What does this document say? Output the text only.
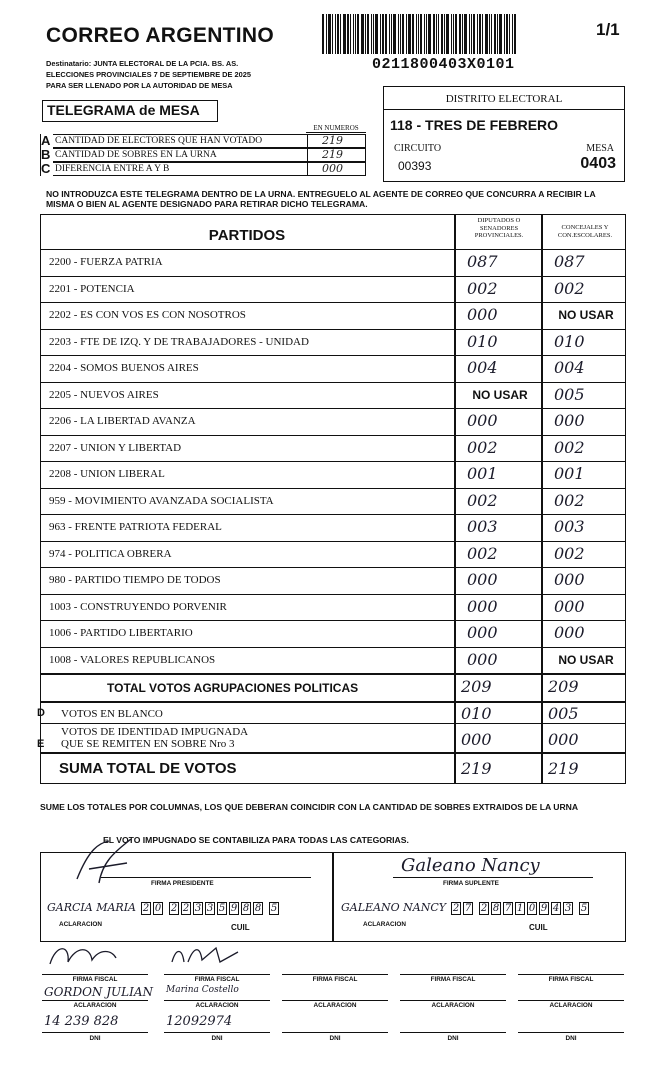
CORREO ARGENTINO	1/1
0211800403X0101
Destinatario: JUNTA ELECTORAL DE LA PCIA. BS. AS.
ELECCIONES PROVINCIALES 7 DE SEPTIEMBRE DE 2025
PARA SER LLENADO POR LA AUTORIDAD DE MESA
TELEGRAMA de MESA
DISTRITO ELECTORAL
118 - TRES DE FEBRERO
CIRCUITO
00393
MESA
0403
EN NUMEROS
A CANTIDAD DE ELECTORES QUE HAN VOTADO	219
B CANTIDAD DE SOBRES EN LA URNA	219
C DIFERENCIA ENTRE A Y B	000
NO INTRODUZCA ESTE TELEGRAMA DENTRO DE LA URNA. ENTREGUELO AL AGENTE DE CORREO QUE CONCURRA A RECIBIR LA MISMA O BIEN AL AGENTE DESIGNADO PARA RETIRAR DICHO TELEGRAMA.
PARTIDOS
DIPUTADOS O SENADORES PROVINCIALES.
CONCEJALES Y CON.ESCOLARES.
2200 - FUERZA PATRIA	087	087
2201 - POTENCIA	002	002
2202 - ES CON VOS ES CON NOSOTROS	000	NO USAR
2203 - FTE DE IZQ. Y DE TRABAJADORES - UNIDAD	010	010
2204 - SOMOS BUENOS AIRES	004	004
2205 - NUEVOS AIRES	NO USAR	005
2206 - LA LIBERTAD AVANZA	000	000
2207 - UNION Y LIBERTAD	002	002
2208 - UNION LIBERAL	001	001
959 - MOVIMIENTO AVANZADA SOCIALISTA	002	002
963 - FRENTE PATRIOTA FEDERAL	003	003
974 - POLITICA OBRERA	002	002
980 - PARTIDO TIEMPO DE TODOS	000	000
1003 - CONSTRUYENDO PORVENIR	000	000
1006 - PARTIDO LIBERTARIO	000	000
1008 - VALORES REPUBLICANOS	000	NO USAR
TOTAL VOTOS AGRUPACIONES POLITICAS	209	209
D VOTOS EN BLANCO	010	005
E
VOTOS DE IDENTIDAD IMPUGNADA
QUE SE REMITEN EN SOBRE Nro 3	000	000
SUMA TOTAL DE VOTOS	219	219
SUME LOS TOTALES POR COLUMNAS, LOS QUE DEBERAN COINCIDIR CON LA CANTIDAD DE SOBRES EXTRAIDOS DE LA URNA
EL VOTO IMPUGNADO SE CONTABILIZA PARA TODAS LAS CATEGORIAS.
FIRMA PRESIDENTE
GARCIA MARIA 2 0 2 2 3 3 5 9 8 8 5
ACLARACION	CUIL
Galeano Nancy
FIRMA SUPLENTE
GALEANO NANCY 2 7 2 8 7 1 0 9 4 3 5
ACLARACION	CUIL
FIRMA FISCAL
ACLARACION
DNI
GORDON JULIAN
14 239 828
FIRMA FISCAL
ACLARACION
DNI
Marina Costello
12092974
FIRMA FISCAL
ACLARACION
DNI
FIRMA FISCAL
ACLARACION
DNI
FIRMA FISCAL
ACLARACION
DNI
